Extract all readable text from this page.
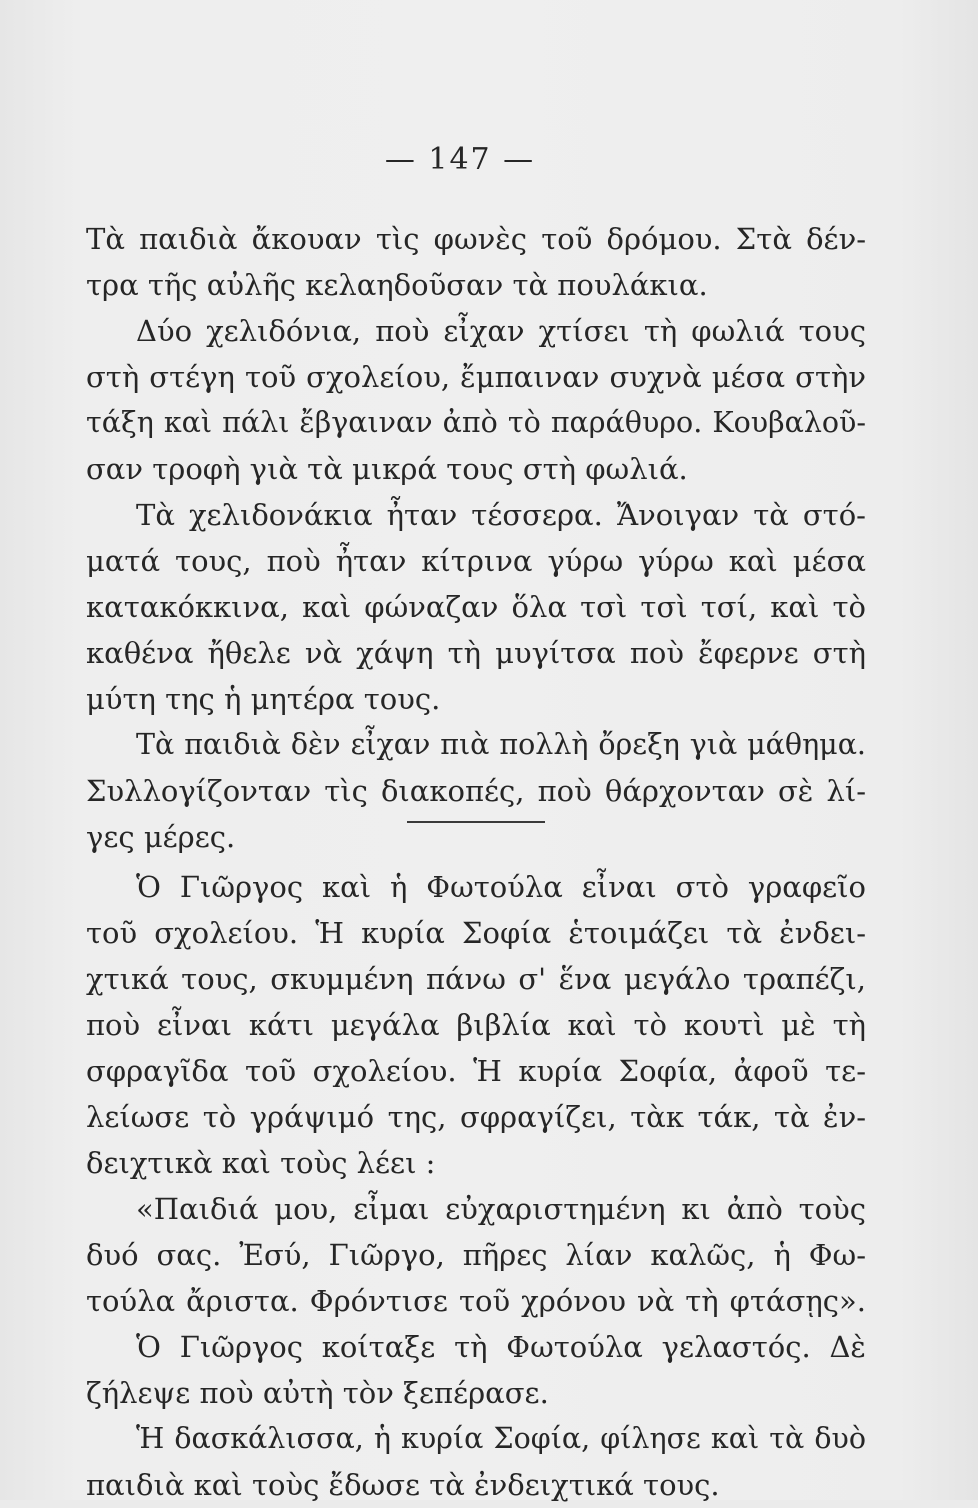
— 147 —
Τὰ παιδιὰ ἄκουαν τὶς φωνὲς τοῦ δρόμου. Στὰ δέν-
τρα τῆς αὐλῆς κελαηδοῦσαν τὰ πουλάκια.
Δύο χελιδόνια, ποὺ εἶχαν χτίσει τὴ φωλιά τους
στὴ στέγη τοῦ σχολείου, ἔμπαιναν συχνὰ μέσα στὴν
τάξη καὶ πάλι ἔβγαιναν ἀπὸ τὸ παράθυρο. Κουβαλοῦ-
σαν τροφὴ γιὰ τὰ μικρά τους στὴ φωλιά.
Τὰ χελιδονάκια ἦταν τέσσερα. Ἄνοιγαν τὰ στό-
ματά τους, ποὺ ἦταν κίτρινα γύρω γύρω καὶ μέσα
κατακόκκινα, καὶ φώναζαν ὅλα τσὶ τσὶ τσί, καὶ τὸ
καθένα ἤθελε νὰ χάψη τὴ μυγίτσα ποὺ ἔφερνε στὴ
μύτη της ἡ μητέρα τους.
Τὰ παιδιὰ δὲν εἶχαν πιὰ πολλὴ ὄρεξη γιὰ μάθημα.
Συλλογίζονταν τὶς διακοπές, ποὺ θάρχονταν σὲ λί-
γες μέρες.
Ὁ Γιῶργος καὶ ἡ Φωτούλα εἶναι στὸ γραφεῖο
τοῦ σχολείου. Ἡ κυρία Σοφία ἑτοιμάζει τὰ ἐνδει-
χτικά τους, σκυμμένη πάνω σ' ἕνα μεγάλο τραπέζι,
ποὺ εἶναι κάτι μεγάλα βιβλία καὶ τὸ κουτὶ μὲ τὴ
σφραγῖδα τοῦ σχολείου. Ἡ κυρία Σοφία, ἀφοῦ τε-
λείωσε τὸ γράψιμό της, σφραγίζει, τὰκ τάκ, τὰ ἐν-
δειχτικὰ καὶ τοὺς λέει :
«Παιδιά μου, εἶμαι εὐχαριστημένη κι ἀπὸ τοὺς
δυό σας. Ἐσύ, Γιῶργο, πῆρες λίαν καλῶς, ἡ Φω-
τούλα ἄριστα. Φρόντισε τοῦ χρόνου νὰ τὴ φτάσῃς».
Ὁ Γιῶργος κοίταξε τὴ Φωτούλα γελαστός. Δὲ
ζήλεψε ποὺ αὐτὴ τὸν ξεπέρασε.
Ἡ δασκάλισσα, ἡ κυρία Σοφία, φίλησε καὶ τὰ δυὸ
παιδιὰ καὶ τοὺς ἔδωσε τὰ ἐνδειχτικά τους.
